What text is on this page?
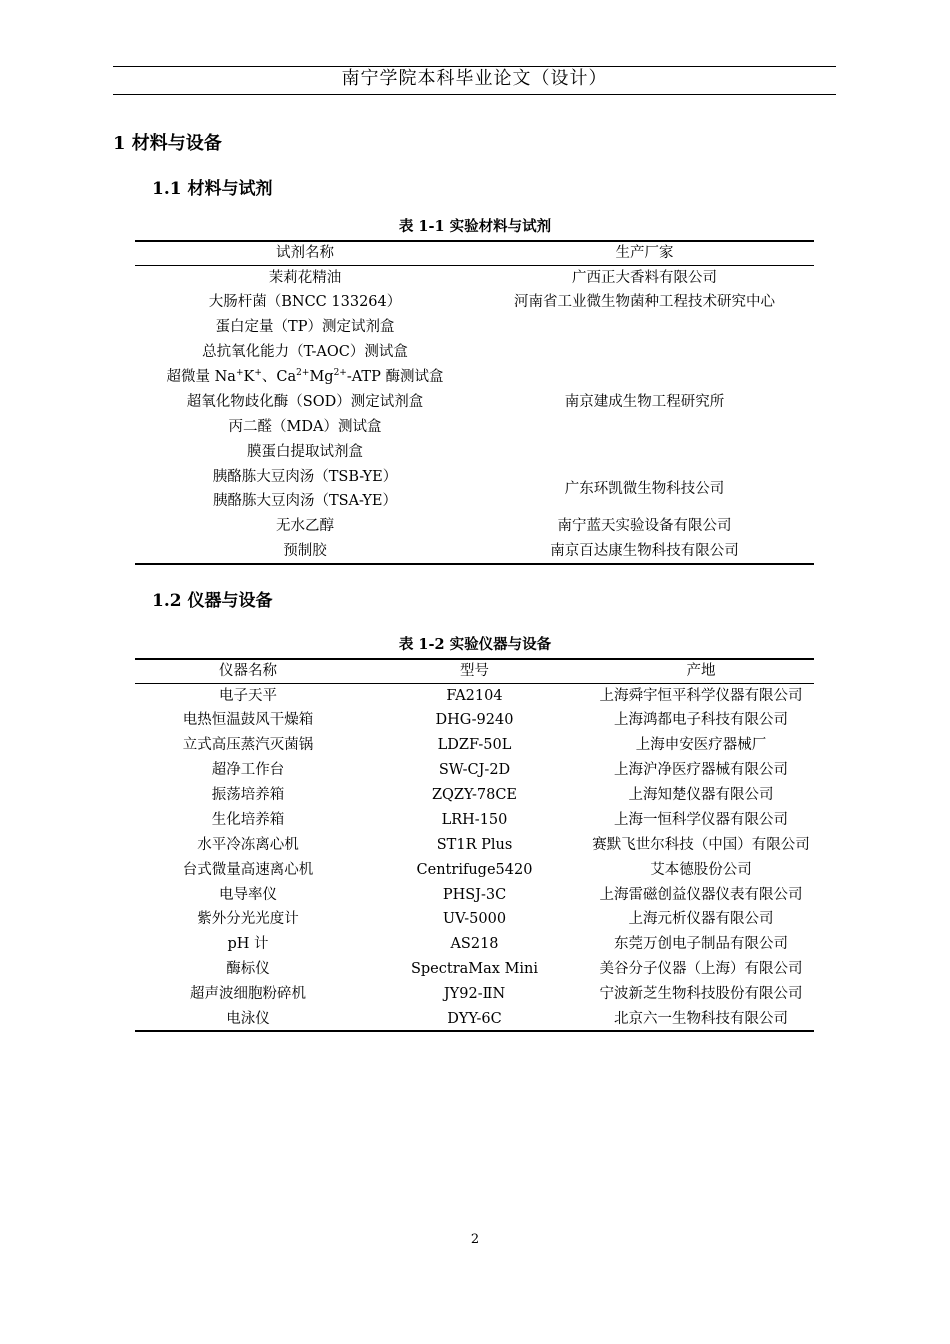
南宁学院本科毕业论文（设计）
1 材料与设备
1.1 材料与试剂
表 1-1 实验材料与试剂
试剂名称	生产厂家
茉莉花精油	广西正大香料有限公司
大肠杆菌（BNCC 133264）	河南省工业微生物菌种工程技术研究中心
蛋白定量（TP）测定试剂盒	
总抗氧化能力（T-AOC）测试盒	南京建成生物工程研究所
超微量 Na+K+、$Ca^{2+}Mg^{2+}$-ATP 酶测试盒	
超氧化物歧化酶（SOD）测定试剂盒	
丙二醛（MDA）测试盒	
膜蛋白提取试剂盒	
胰酪胨大豆肉汤（TSB-YE）	广东环凯微生物科技公司
胰酪胨大豆肉汤（TSA-YE）	
无水乙醇	南宁蓝天实验设备有限公司
预制胶	南京百达康生物科技有限公司
1.2 仪器与设备
表 1-2 实验仪器与设备
仪器名称	型号	产地
电子天平	FA2104	上海舜宇恒平科学仪器有限公司
电热恒温鼓风干燥箱	DHG-9240	上海鸿都电子科技有限公司
立式高压蒸汽灭菌锅	LDZF-50L	上海申安医疗器械厂
超净工作台	SW-CJ-2D	上海沪净医疗器械有限公司
振荡培养箱	ZQZY-78CE	上海知楚仪器有限公司
生化培养箱	LRH-150	上海一恒科学仪器有限公司
水平冷冻离心机	ST1R Plus	赛默飞世尔科技（中国）有限公司
台式微量高速离心机	Centrifuge5420	艾本德股份公司
电导率仪	PHSJ-3C	上海雷磁创益仪器仪表有限公司
紫外分光光度计	UV-5000	上海元析仪器有限公司
pH 计	AS218	东莞万创电子制品有限公司
酶标仪	SpectraMax Mini	美谷分子仪器（上海）有限公司
超声波细胞粉碎机	JY92-ⅡN	宁波新芝生物科技股份有限公司
电泳仪	DYY-6C	北京六一生物科技有限公司
2
